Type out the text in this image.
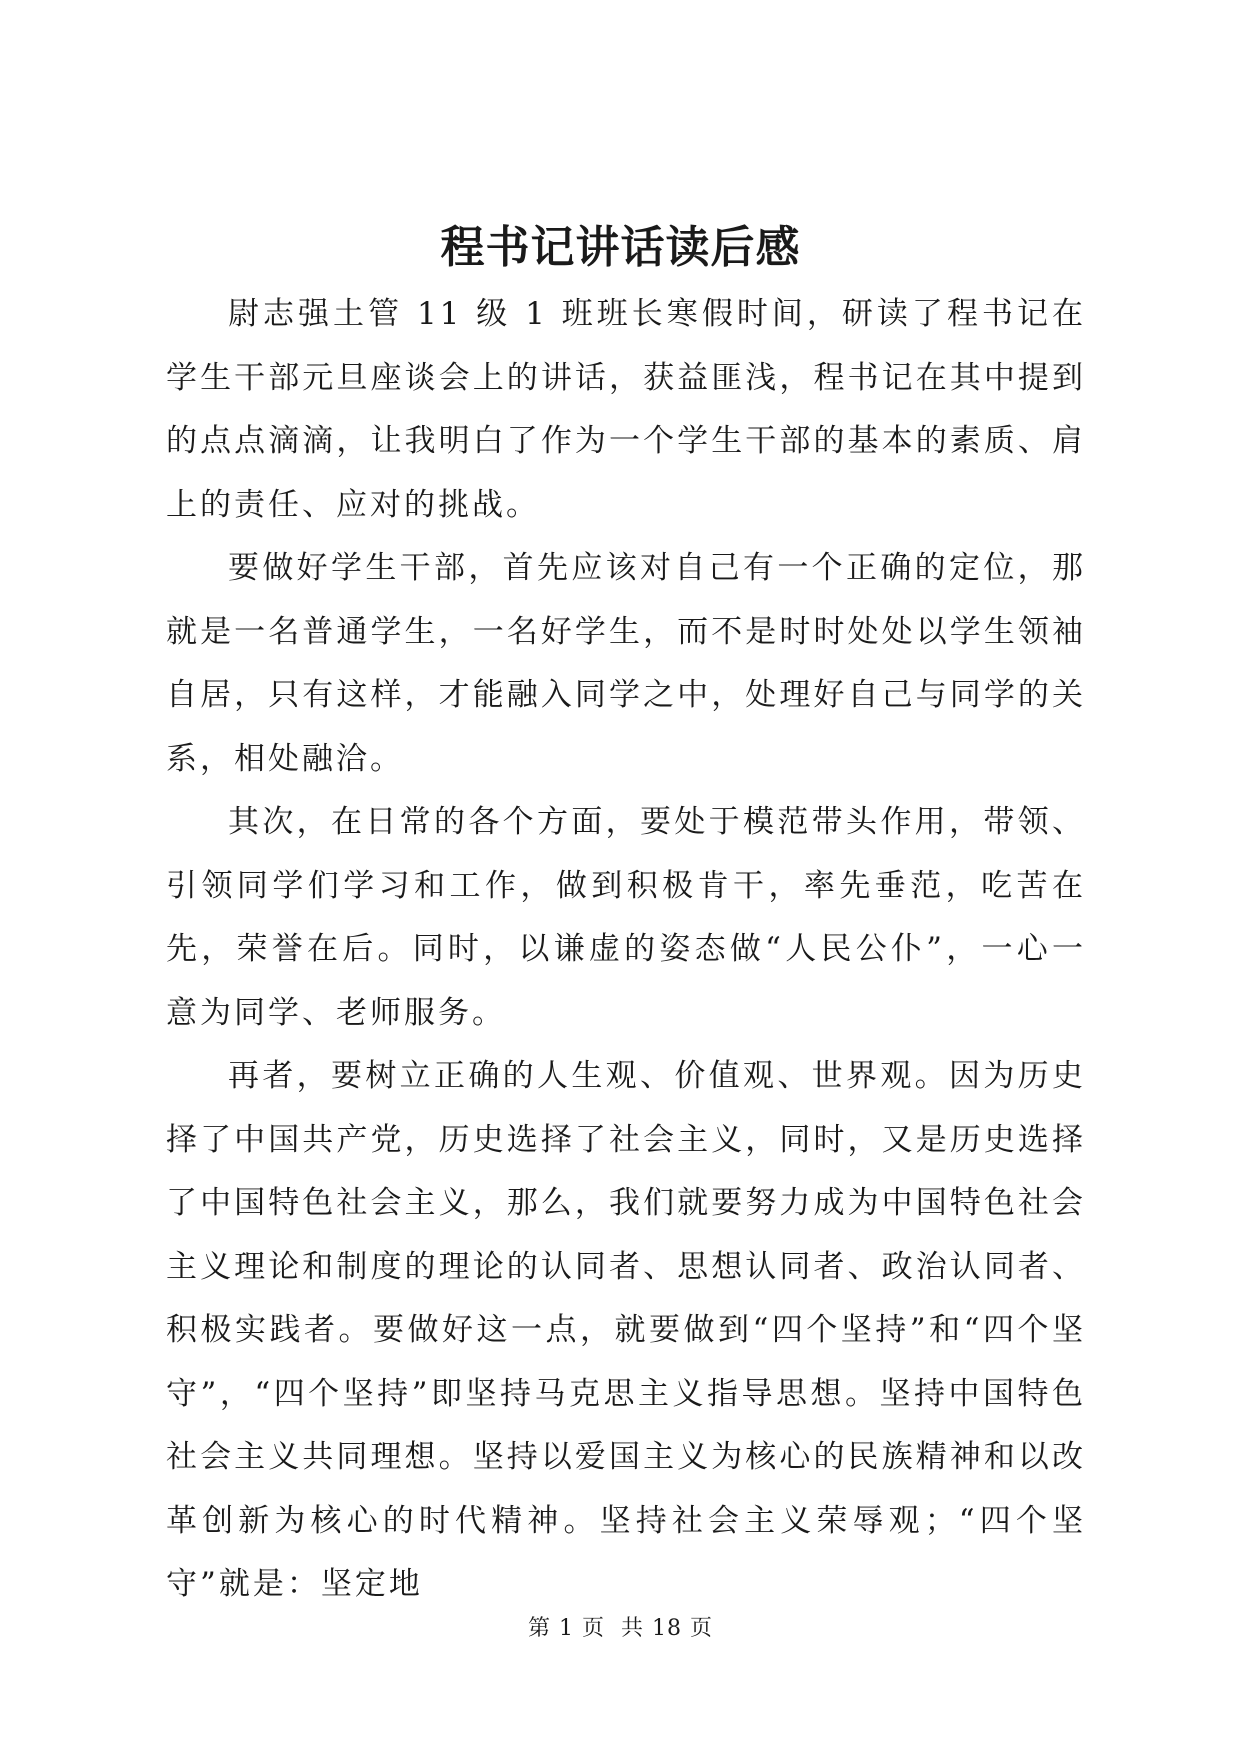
程书记讲话读后感

尉志强土管 11 级 1 班班长寒假时间，研读了程书记在学生干部元旦座谈会上的讲话，获益匪浅，程书记在其中提到的点点滴滴，让我明白了作为一个学生干部的基本的素质、肩上的责任、应对的挑战。

要做好学生干部，首先应该对自己有一个正确的定位，那就是一名普通学生，一名好学生，而不是时时处处以学生领袖自居，只有这样，才能融入同学之中，处理好自己与同学的关系，相处融洽。

其次，在日常的各个方面，要处于模范带头作用，带领、引领同学们学习和工作，做到积极肯干，率先垂范，吃苦在先，荣誉在后。同时，以谦虚的姿态做“人民公仆”，一心一意为同学、老师服务。

再者，要树立正确的人生观、价值观、世界观。因为历史择了中国共产党，历史选择了社会主义，同时，又是历史选择了中国特色社会主义，那么，我们就要努力成为中国特色社会主义理论和制度的理论的认同者、思想认同者、政治认同者、积极实践者。要做好这一点，就要做到“四个坚持”和“四个坚守”，“四个坚持”即坚持马克思主义指导思想。坚持中国特色社会主义共同理想。坚持以爱国主义为核心的民族精神和以改革创新为核心的时代精神。坚持社会主义荣辱观；“四个坚守”就是：坚定地

第 1 页 共 18 页
